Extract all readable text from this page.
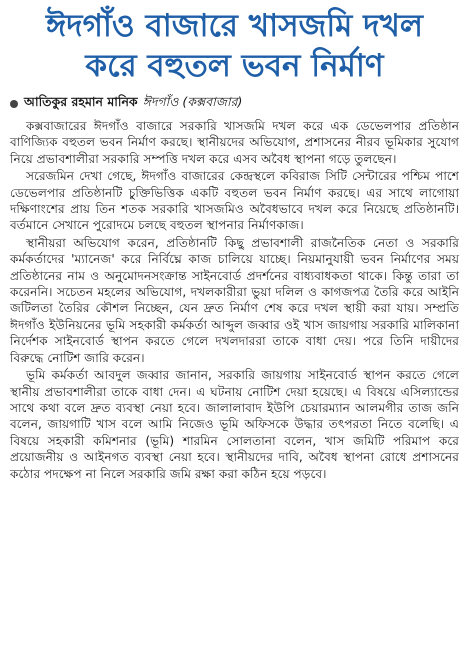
ঈদগাঁও বাজারে খাসজমি দখল
করে বহুতল ভবন নির্মাণ
আতিকুর রহমান মানিক ঈদগাঁও (কক্সবাজার)

কক্সবাজারের ঈদগাঁও বাজারে সরকারি খাসজমি দখল করে এক ডেভেলপার প্রতিষ্ঠান বাণিজ্যিক বহুতল ভবন নির্মাণ করছে। স্থানীয়দের অভিযোগ, প্রশাসনের নীরব ভূমিকার সুযোগ নিয়ে প্রভাবশালীরা সরকারি সম্পত্তি দখল করে এসব অবৈধ স্থাপনা গড়ে তুলছেন।

সরেজমিন দেখা গেছে, ঈদগাঁও বাজারের কেন্দ্রস্থলে কবিরাজ সিটি সেন্টারের পশ্চিম পাশে ডেভেলপার প্রতিষ্ঠানটি চুক্তিভিত্তিক একটি বহুতল ভবন নির্মাণ করছে। এর সাথে লাগোয়া দক্ষিণাংশের প্রায় তিন শতক সরকারি খাসজমিও অবৈধভাবে দখল করে নিয়েছে প্রতিষ্ঠানটি। বর্তমানে সেখানে পুরোদমে চলছে বহুতল স্থাপনার নির্মাণকাজ।

স্থানীয়রা অভিযোগ করেন, প্রতিষ্ঠানটি কিছু প্রভাবশালী রাজনৈতিক নেতা ও সরকারি কর্মকর্তাদের 'ম্যানেজ' করে নির্বিঘ্নে কাজ চালিয়ে যাচ্ছে। নিয়মানুযায়ী ভবন নির্মাণের সময় প্রতিষ্ঠানের নাম ও অনুমোদনসংক্রান্ত সাইনবোর্ড প্রদর্শনের বাধ্যবাধকতা থাকে। কিন্তু তারা তা করেননি। সচেতন মহলের অভিযোগ, দখলকারীরা ভুয়া দলিল ও কাগজপত্র তৈরি করে আইনি জটিলতা তৈরির কৌশল নিচ্ছেন, যেন দ্রুত নির্মাণ শেষ করে দখল স্থায়ী করা যায়। সম্প্রতি ঈদগাঁও ইউনিয়নের ভূমি সহকারী কর্মকর্তা আব্দুল জব্বার ওই খাস জায়গায় সরকারি মালিকানা নির্দেশক সাইনবোর্ড স্থাপন করতে গেলে দখলদাররা তাকে বাধা দেয়। পরে তিনি দায়ীদের বিরুদ্ধে নোটিশ জারি করেন।

ভূমি কর্মকর্তা আবদুল জব্বার জানান, সরকারি জায়গায় সাইনবোর্ড স্থাপন করতে গেলে স্থানীয় প্রভাবশালীরা তাকে বাধা দেন। এ ঘটনায় নোটিশ দেয়া হয়েছে। এ বিষয়ে এসিল্যান্ডের সাথে কথা বলে দ্রুত ব্যবস্থা নেয়া হবে। জালালাবাদ ইউপি চেয়ারম্যান আলমগীর তাজ জনি বলেন, জায়গাটি খাস বলে আমি নিজেও ভূমি অফিসকে উদ্ধার তৎপরতা নিতে বলেছি। এ বিষয়ে সহকারী কমিশনার (ভূমি) শারমিন সোলতানা বলেন, খাস জমিটি পরিমাপ করে প্রয়োজনীয় ও আইনগত ব্যবস্থা নেয়া হবে। স্থানীয়দের দাবি, অবৈধ স্থাপনা রোধে প্রশাসনের কঠোর পদক্ষেপ না নিলে সরকারি জমি রক্ষা করা কঠিন হয়ে পড়বে।
